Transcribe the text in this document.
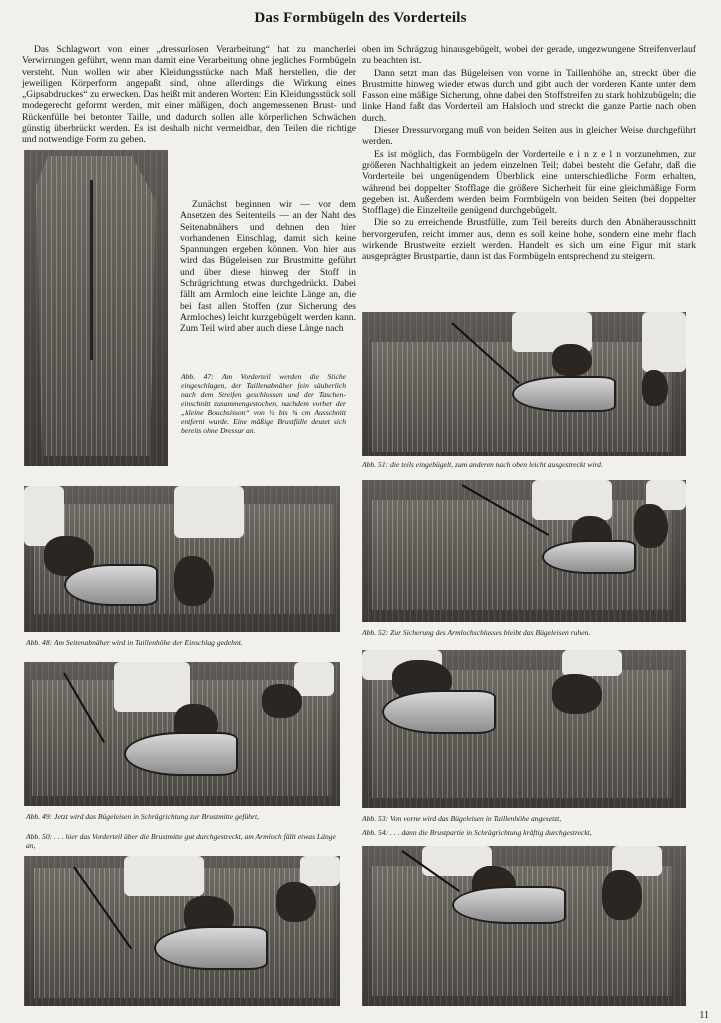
Das Formbügeln des Vorderteils

Das Schlagwort von einer „dressurlosen Verarbeitung“ hat zu mancherlei Verwirrungen geführt, wenn man damit eine Verarbeitung ohne jegliches Formbügeln versteht. Nun wollen wir aber Kleidungsstücke nach Maß herstellen, die der jeweiligen Körperform angepaßt sind, ohne allerdings die Wirkung eines „Gipsabdruckes“ zu erwecken. Das heißt mit anderen Worten: Ein Kleidungsstück soll modegerecht geformt werden, mit einer mäßigen, doch angemessenen Brust- und Rückenfülle bei betonter Taille, und dadurch sollen alle körperlichen Schwächen günstig überbrückt werden. Es ist deshalb nicht vermeidbar, den Teilen die richtige und notwendige Form zu geben.

Zunächst beginnen wir — vor dem Ansetzen des Seitenteils — an der Naht des Seitenabnähers und dehnen den hier vorhandenen Einschlag, damit sich keine Spannungen ergeben können. Von hier aus wird das Bügeleisen zur Brustmitte geführt und über diese hinweg der Stoff in Schrägrichtung etwas durchgedrückt. Dabei fällt am Armloch eine leichte Länge an, die bei fast allen Stoffen (zur Sicherung des Armloches) leicht kurzgebügelt werden kann. Zum Teil wird aber auch diese Länge nach

Abb. 47: Am Vorderteil werden die Stiche eingeschlagen, der Taillenabnäher fein säuberlich nach dem Streifen geschlossen und der Tascheneinschnitt zusammengestochen, nachdem vorher der „kleine Bouchsisson“ von ½ bis ¾ cm Ausschnitt entfernt wurde. Eine mäßige Brustfülle deutet sich bereits ohne Dressur an.

oben im Schrägzug hinausgebügelt, wobei der gerade, ungezwungene Streifenverlauf zu beachten ist.

Dann setzt man das Bügeleisen von vorne in Taillenhöhe an, streckt über die Brustmitte hinweg wieder etwas durch und gibt auch der vorderen Kante unter dem Fasson eine mäßige Sicherung, ohne dabei den Stoffstreifen zu stark hohlzubügeln; die linke Hand faßt das Vorderteil am Halsloch und streckt die ganze Partie nach oben durch.

Dieser Dressurvorgang muß von beiden Seiten aus in gleicher Weise durchgeführt werden.

Es ist möglich, das Formbügeln der Vorderteile e i n z e l n vorzunehmen, zur größeren Nachhaltigkeit an jedem einzelnen Teil; dabei besteht die Gefahr, daß die Vorderteile bei ungenügendem Überblick eine unterschiedliche Form erhalten, während bei doppelter Stofflage die größere Sicherheit für eine gleichmäßige Form gegeben ist. Außerdem werden beim Formbügeln von beiden Seiten (bei doppelter Stofflage) die Einzelteile genügend durchgebügelt.

Die so zu erreichende Brustfülle, zum Teil bereits durch den Abnäherausschnitt hervorgerufen, reicht immer aus, denn es soll keine hohe, sondern eine mehr flach wirkende Brustweite erzielt werden. Handelt es sich um eine Figur mit stark ausgeprägter Brustpartie, dann ist das Formbügeln entsprechend zu steigern.

Abb. 51: die teils eingebügelt, zum anderen nach oben leicht ausgestreckt wird.
Abb. 48: Am Seitenabnäher wird in Taillenhöhe der Einschlag gedehnt.
Abb. 52: Zur Sicherung des Armlochschlusses bleibt das Bügeleisen ruhen.
Abb. 49: Jetzt wird das Bügeleisen in Schrägrichtung zur Brustmitte geführt,	Abb. 53: Von vorne wird das Bügeleisen in Taillenhöhe angesetzt,
Abb. 50: . . . hier das Vorderteil über die Brustmitte gut durchgestreckt, am Armloch fällt etwas Länge an,
Abb. 54: . . . dann die Brustpartie in Schrägrichtung kräftig durchgestreckt,
11
